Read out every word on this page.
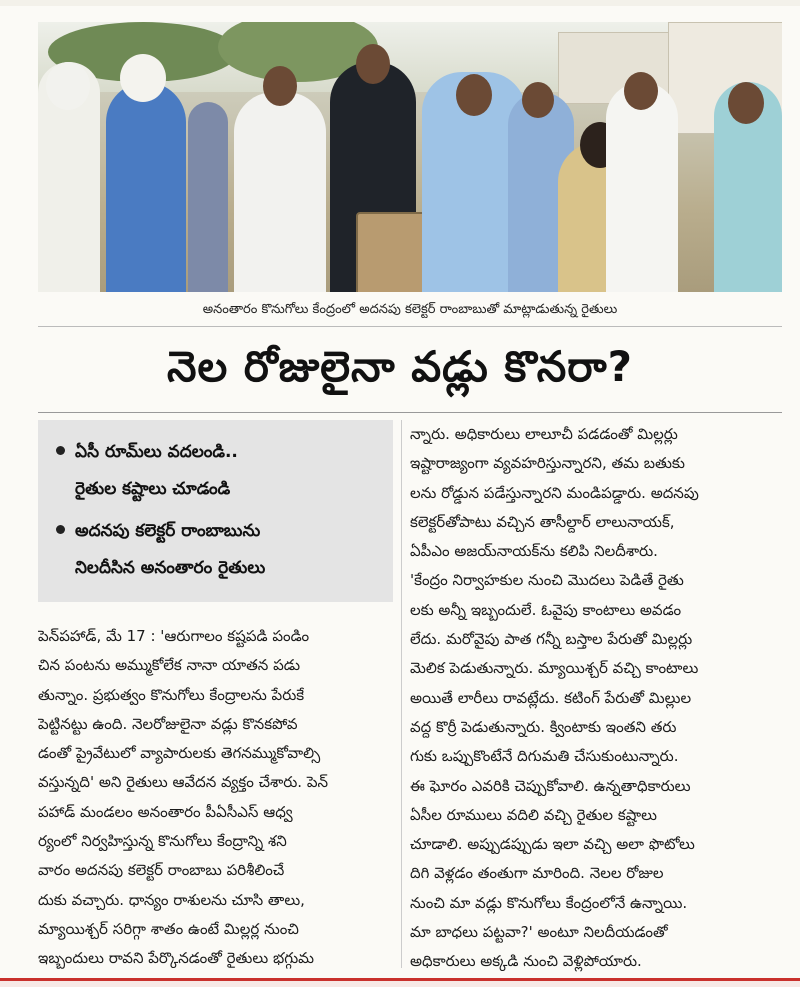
అనంతారం కొనుగోలు కేంద్రంలో అదనపు కలెక్టర్‌ రాంబాబుతో మాట్లాడుతున్న రైతులు
నెల రోజులైనా వడ్లు కొనరా?
ఏసీ రూమ్‌లు వదలండి..
రైతుల కష్టాలు చూడండి
అదనపు కలెక్టర్‌ రాంబాబును
నిలదీసిన అనంతారం రైతులు
పెన్‌పహాడ్‌, మే 17 : 'ఆరుగాలం కష్టపడి పండిం
చిన పంటను అమ్ముకోలేక నానా యాతన పడు
తున్నాం. ప్రభుత్వం కొనుగోలు కేంద్రాలను పేరుకే
పెట్టినట్టు ఉంది. నెలరోజులైనా వడ్లు కొనకపోవ
డంతో ప్రైవేటులో వ్యాపారులకు తెగనమ్ముకోవాల్సి
వస్తున్నది' అని రైతులు ఆవేదన వ్యక్తం చేశారు. పెన్‌
పహాడ్‌ మండలం అనంతారం పీఏసీఎస్‌ ఆధ్వ
ర్యంలో నిర్వహిస్తున్న కొనుగోలు కేంద్రాన్ని శని
వారం అదనపు కలెక్టర్‌ రాంబాబు పరిశీలించే
దుకు వచ్చారు. ధాన్యం రాశులను చూసి తాలు,
మ్యాయిశ్చర్‌ సరిగ్గా శాతం ఉంటే మిల్లర్ల నుంచి
ఇబ్బందులు రావని పేర్కొనడంతో రైతులు భగ్గుమ
న్నారు. అధికారులు లాలూచీ పడడంతో మిల్లర్లు
ఇష్టారాజ్యంగా వ్యవహరిస్తున్నారని, తమ బతుకు
లను రోడ్డున పడేస్తున్నారని మండిపడ్డారు. అదనపు
కలెక్టర్‌తోపాటు వచ్చిన తాసీల్దార్‌ లాలునాయక్‌,
ఏపీఎం అజయ్‌నాయక్‌ను కలిపి నిలదీశారు.
'కేంద్రం నిర్వాహకుల నుంచి మొదలు పెడితే రైతు
లకు అన్నీ ఇబ్బందులే. ఓవైపు కాంటాలు అవడం
లేదు. మరోవైపు పాత గన్నీ బస్తాల పేరుతో మిల్లర్లు
మెలిక పెడుతున్నారు. మ్యాయిశ్చర్‌ వచ్చి కాంటాలు
అయితే లారీలు రావట్లేదు. కటింగ్‌ పేరుతో మిల్లుల
వద్ద కొర్రీ పెడుతున్నారు. క్వింటాకు ఇంతని తరు
గుకు ఒప్పుకొంటేనే దిగుమతి చేసుకుంటున్నారు.
ఈ ఘోరం ఎవరికి చెప్పుకోవాలి. ఉన్నతాధికారులు
ఏసీల రూములు వదిలి వచ్చి రైతుల కష్టాలు
చూడాలి. అప్పుడప్పుడు ఇలా వచ్చి అలా ఫొటోలు
దిగి వెళ్లడం తంతుగా మారింది. నెలల రోజుల
నుంచి మా వడ్లు కొనుగోలు కేంద్రంలోనే ఉన్నాయి.
మా బాధలు పట్టవా?' అంటూ నిలదీయడంతో
అధికారులు అక్కడి నుంచి వెళ్లిపోయారు.
